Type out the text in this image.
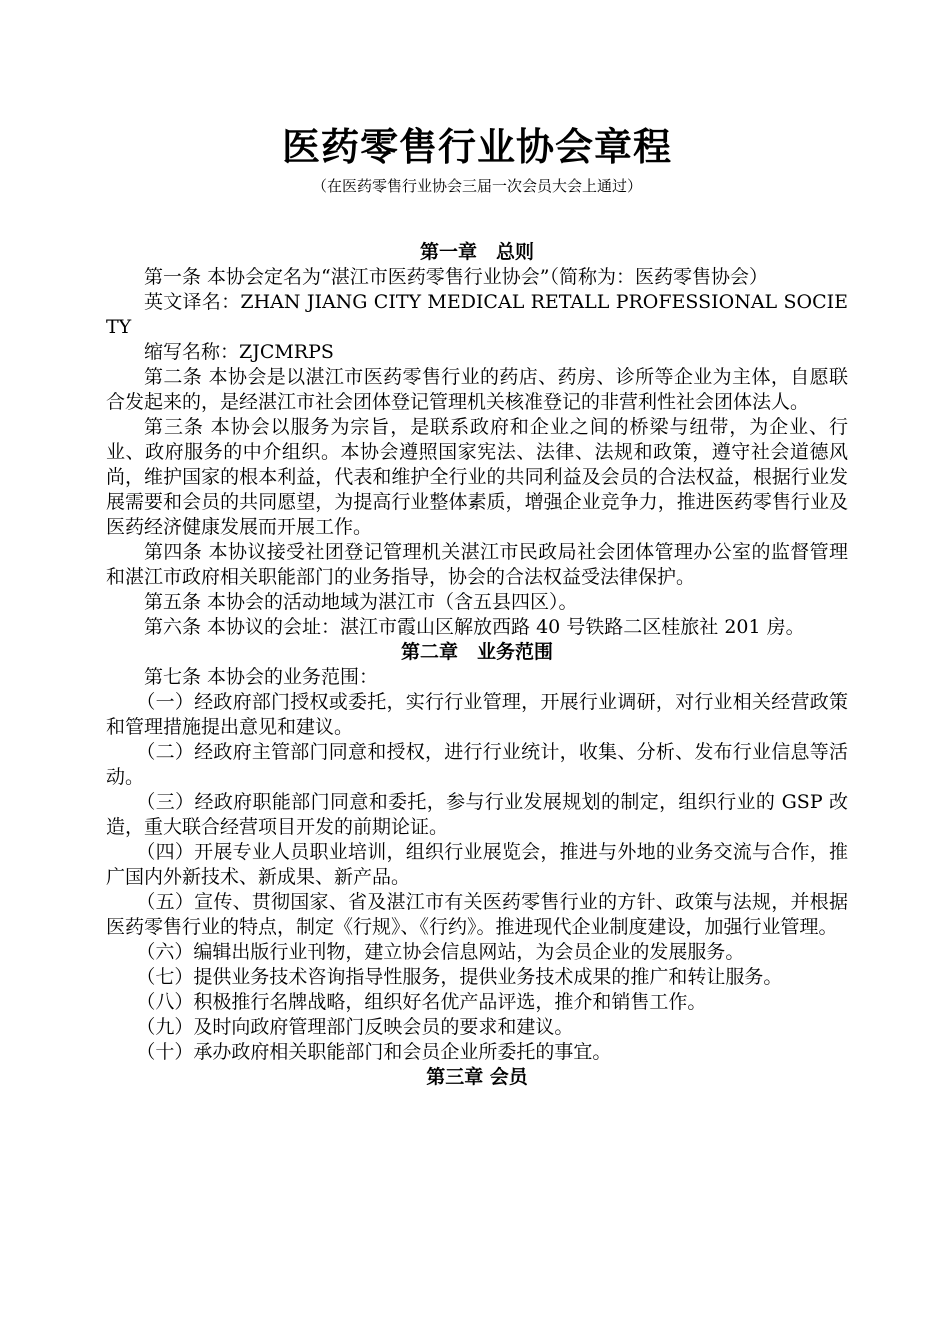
医药零售行业协会章程

（在医药零售行业协会三届一次会员大会上通过）

第一章　总则

第一条 本协会定名为“湛江市医药零售行业协会”（简称为：医药零售协会）

英文译名：ZHAN JIANG CITY MEDICAL RETALL PROFESSIONAL SOCIETY

缩写名称：ZJCMRPS

第二条 本协会是以湛江市医药零售行业的药店、药房、诊所等企业为主体，自愿联合发起来的，是经湛江市社会团体登记管理机关核准登记的非营利性社会团体法人。

第三条 本协会以服务为宗旨，是联系政府和企业之间的桥梁与纽带，为企业、行业、政府服务的中介组织。本协会遵照国家宪法、法律、法规和政策，遵守社会道德风尚，维护国家的根本利益，代表和维护全行业的共同利益及会员的合法权益，根据行业发展需要和会员的共同愿望，为提高行业整体素质，增强企业竞争力，推进医药零售行业及医药经济健康发展而开展工作。

第四条 本协议接受社团登记管理机关湛江市民政局社会团体管理办公室的监督管理和湛江市政府相关职能部门的业务指导，协会的合法权益受法律保护。

第五条 本协会的活动地域为湛江市（含五县四区）。

第六条 本协议的会址：湛江市霞山区解放西路 40 号铁路二区桂旅社 201 房。

第二章　业务范围

第七条 本协会的业务范围：

（一）经政府部门授权或委托，实行行业管理，开展行业调研，对行业相关经营政策和管理措施提出意见和建议。

（二）经政府主管部门同意和授权，进行行业统计，收集、分析、发布行业信息等活动。

（三）经政府职能部门同意和委托，参与行业发展规划的制定，组织行业的 GSP 改造，重大联合经营项目开发的前期论证。

（四）开展专业人员职业培训，组织行业展览会，推进与外地的业务交流与合作，推广国内外新技术、新成果、新产品。

（五）宣传、贯彻国家、省及湛江市有关医药零售行业的方针、政策与法规，并根据医药零售行业的特点，制定《行规》、《行约》。推进现代企业制度建设，加强行业管理。

（六）编辑出版行业刊物，建立协会信息网站，为会员企业的发展服务。

（七）提供业务技术咨询指导性服务，提供业务技术成果的推广和转让服务。

（八）积极推行名牌战略，组织好名优产品评选，推介和销售工作。

（九）及时向政府管理部门反映会员的要求和建议。

（十）承办政府相关职能部门和会员企业所委托的事宜。

第三章 会员
